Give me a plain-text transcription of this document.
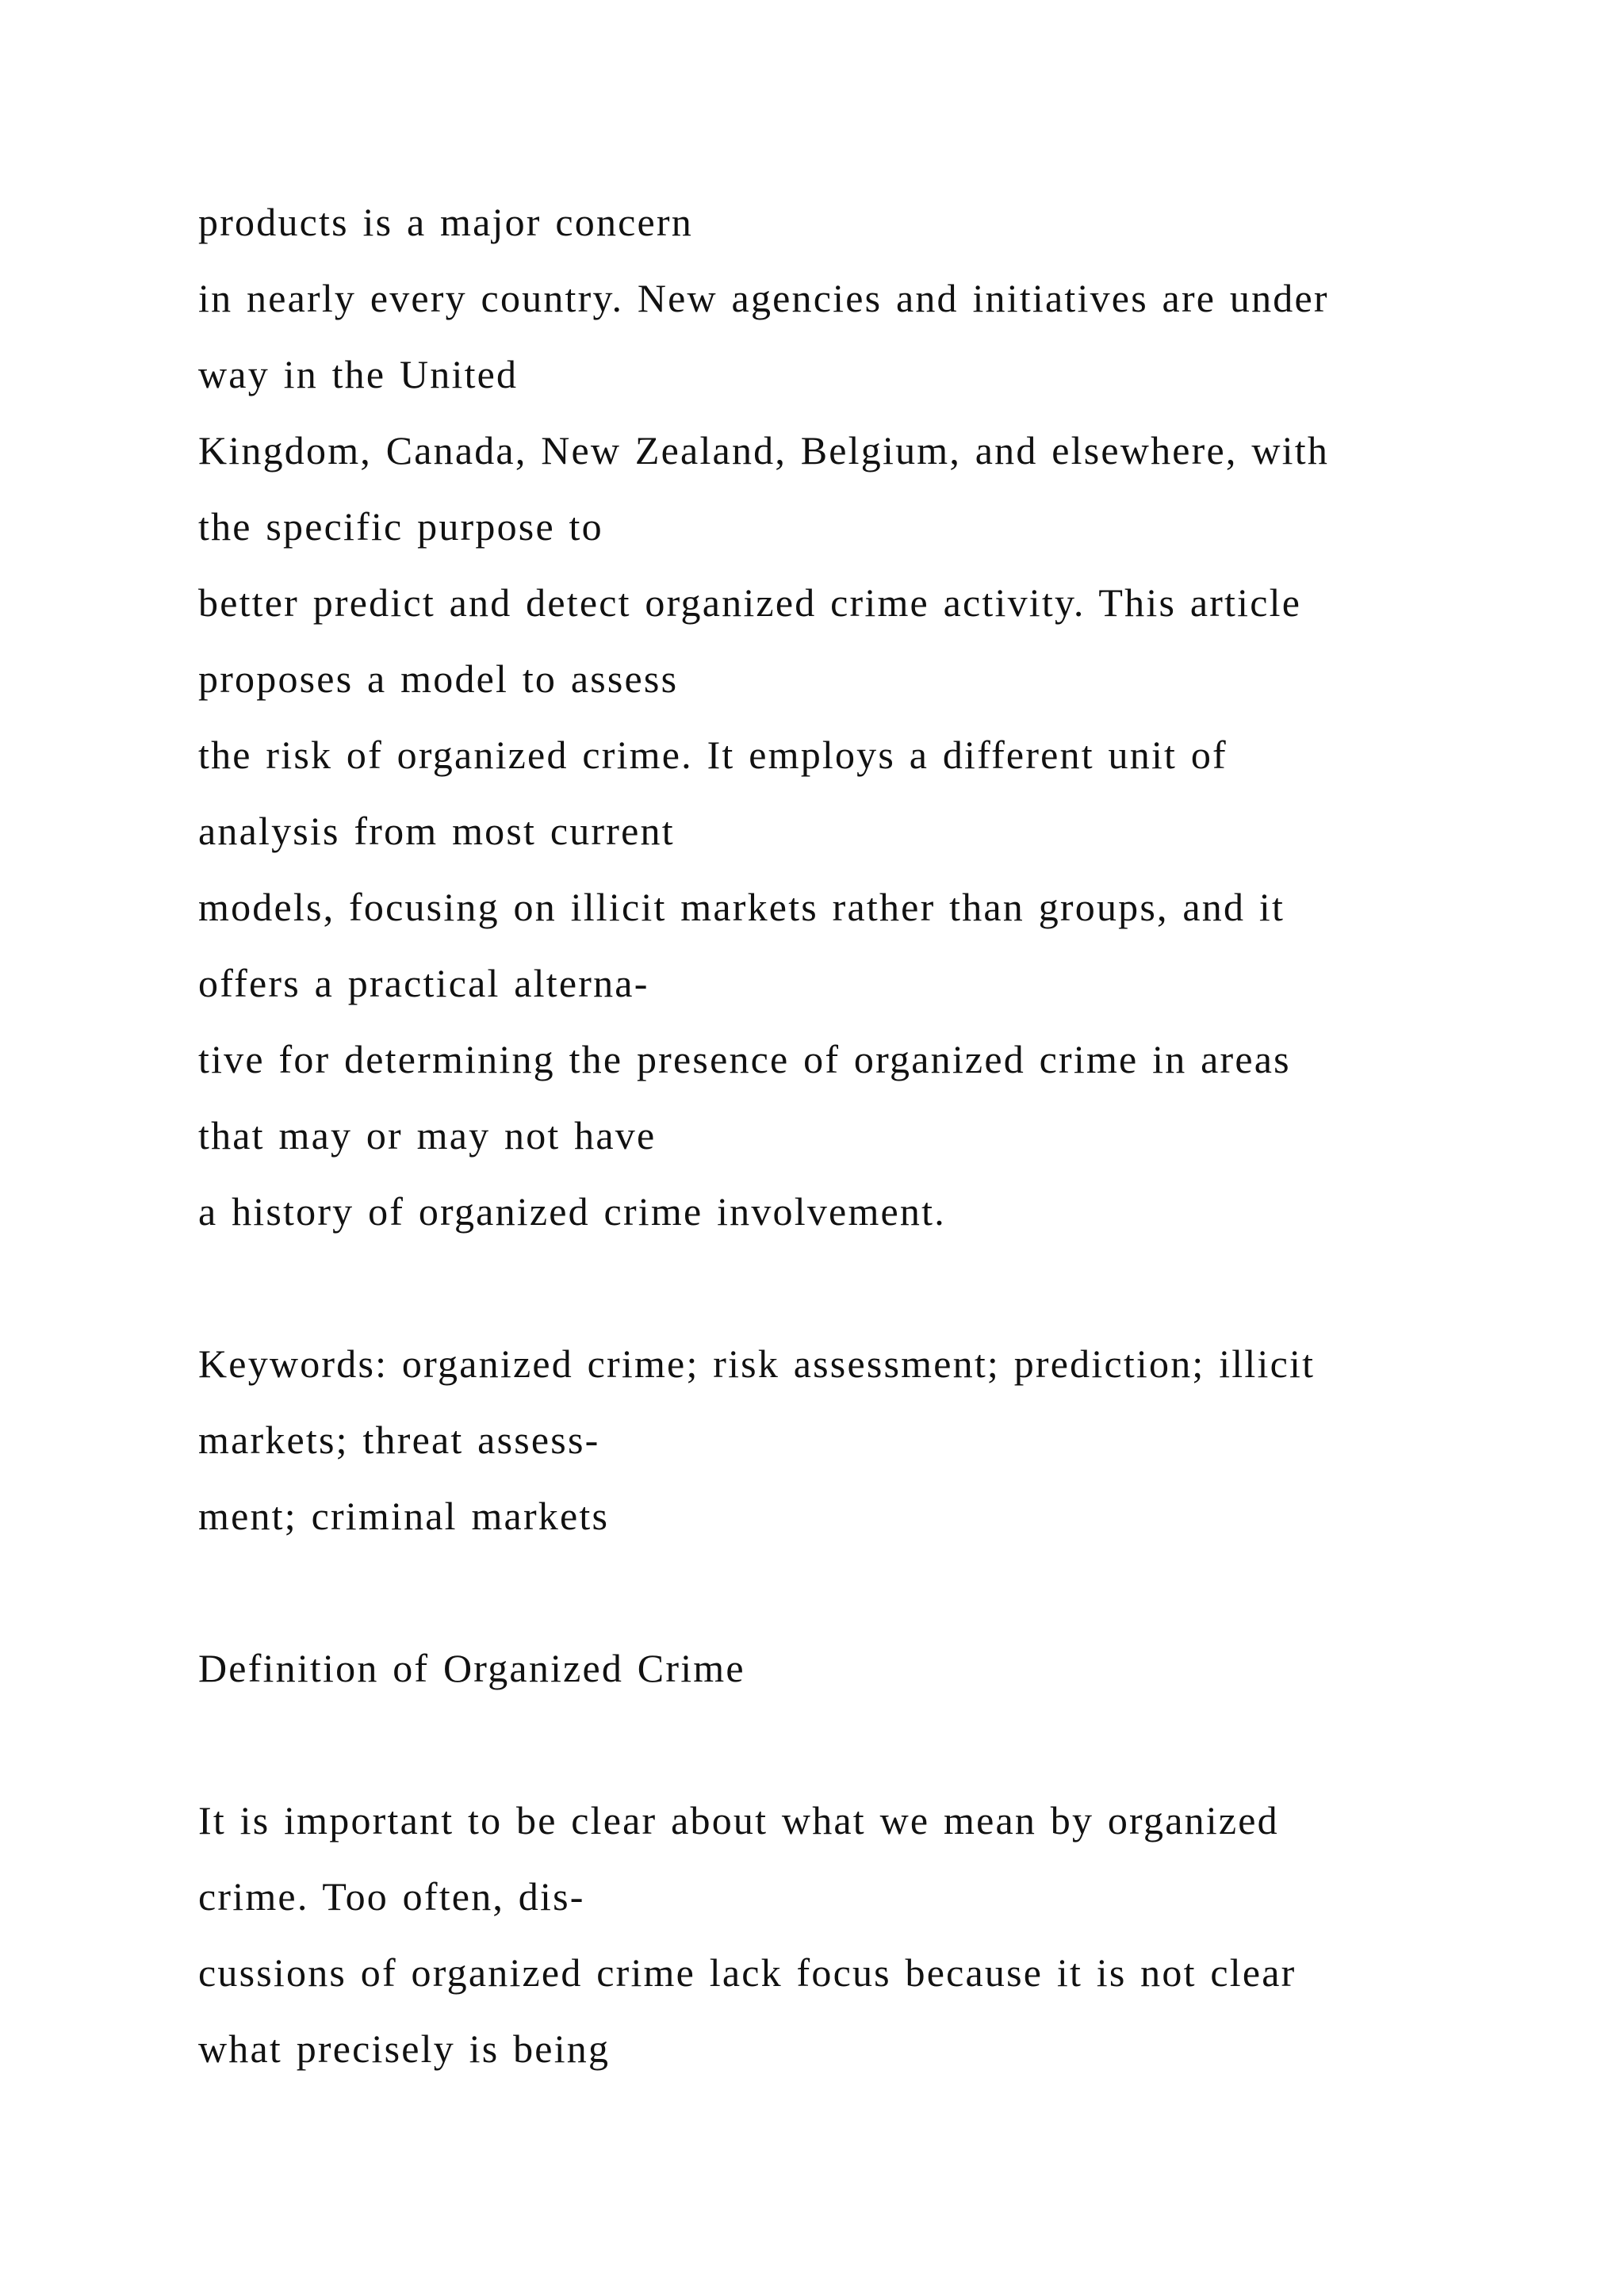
products is a major concern
in nearly every country. New agencies and initiatives are under
way in the United
Kingdom, Canada, New Zealand, Belgium, and elsewhere, with
the specific purpose to
better predict and detect organized crime activity. This article
proposes a model to assess
the risk of organized crime. It employs a different unit of
analysis from most current
models, focusing on illicit markets rather than groups, and it
offers a practical alterna-
tive for determining the presence of organized crime in areas
that may or may not have
a history of organized crime involvement.
Keywords: organized crime; risk assessment; prediction; illicit
markets; threat assess-
ment; criminal markets
Definition of Organized Crime
It is important to be clear about what we mean by organized
crime. Too often, dis-
cussions of organized crime lack focus because it is not clear
what precisely is being
